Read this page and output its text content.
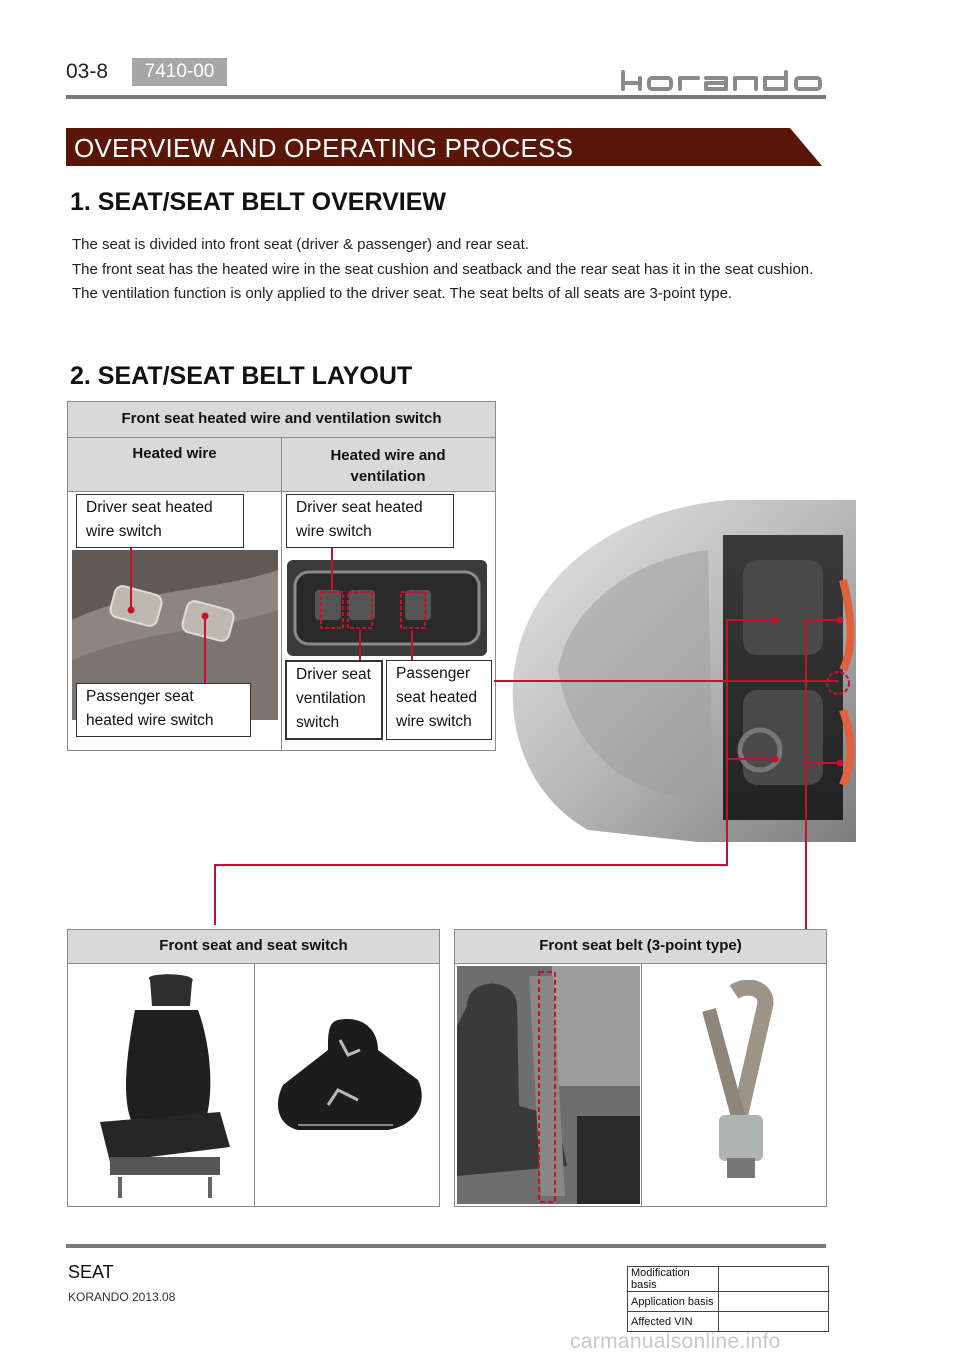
03-8	7410-00
OVERVIEW AND OPERATING PROCESS
1. SEAT/SEAT BELT OVERVIEW

The seat is divided into front seat (driver & passenger) and rear seat.

The front seat has the heated wire in the seat cushion and seatback and the rear seat has it in the seat cushion. The ventilation function is only applied to the driver seat. The seat belts of all seats are 3-point type.

2. SEAT/SEAT BELT LAYOUT
Front seat heated wire and ventilation switch
Heated wire	Heated wire and ventilation
Driver seat heated wire switch
Passenger seat heated wire switch
Driver seat heated wire switch
Driver seat ventilation switch
Passenger seat heated wire switch
Front seat and seat switch	Front seat belt (3-point type)
SEAT
KORANDO 2013.08
Modification basis	
Application basis	
Affected VIN	
carmanualsonline.info
